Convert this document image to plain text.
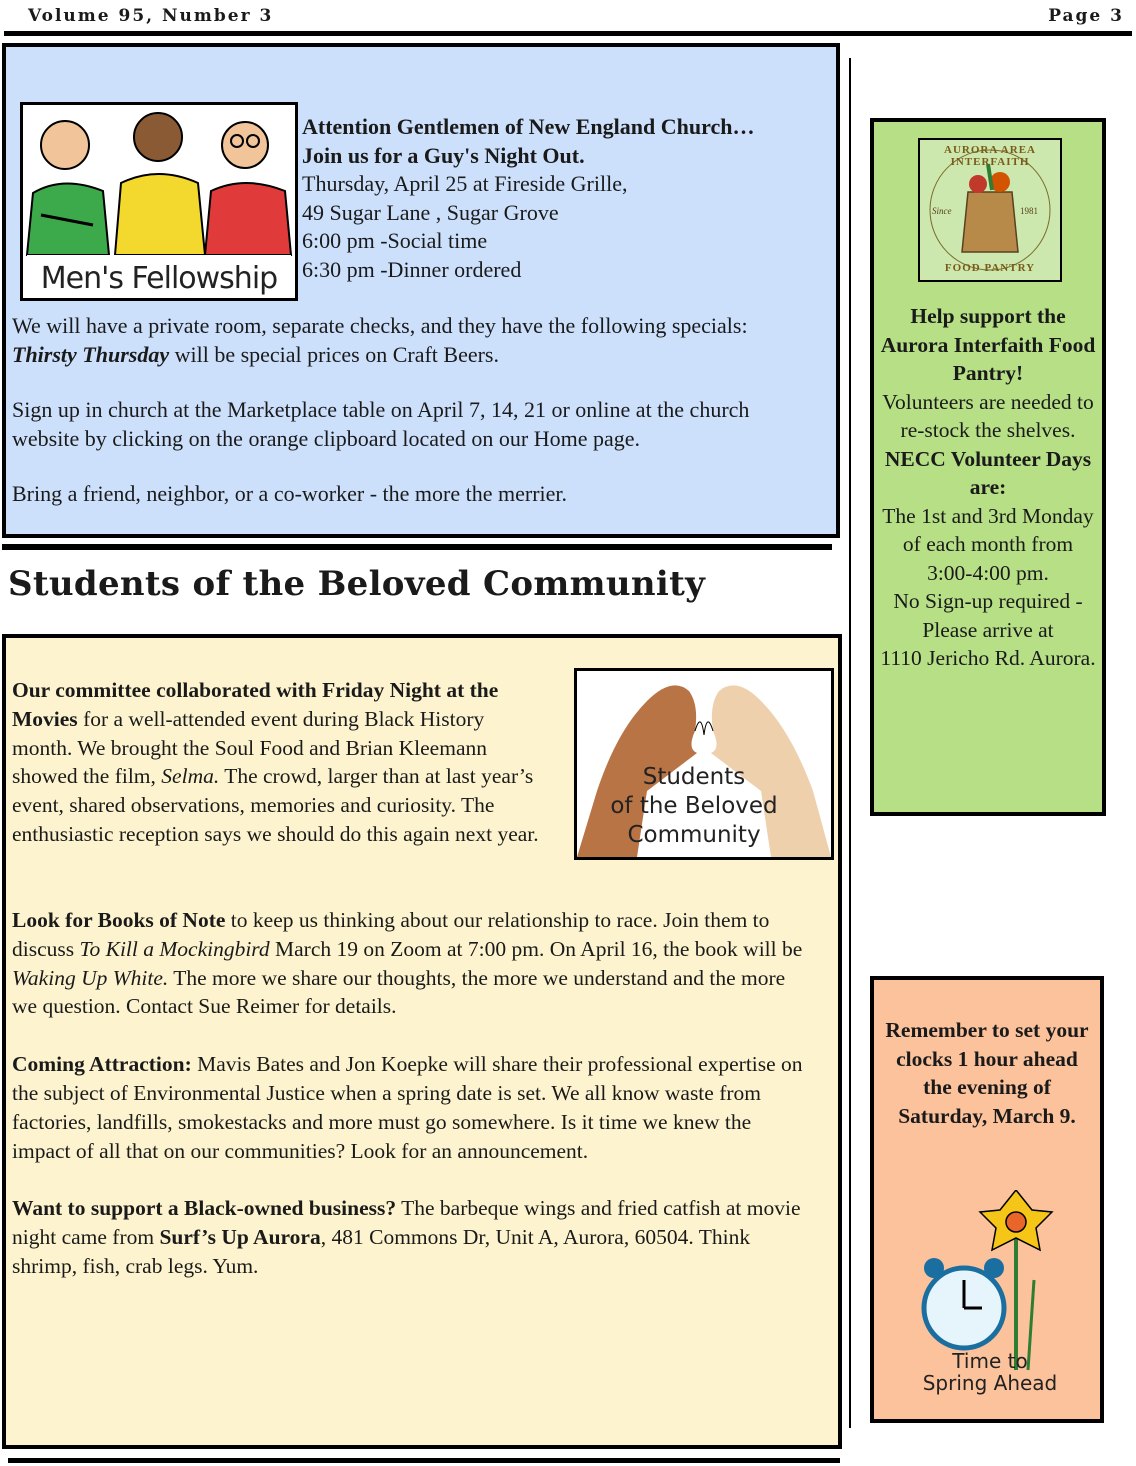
Volume 95, Number 3	Page 3
Men's Fellowship

Attention Gentlemen of New England Church…

Join us for a Guy's Night Out.

Thursday, April 25 at Fireside Grille,

49 Sugar Lane , Sugar Grove

6:00 pm -Social time

6:30 pm -Dinner ordered

We will have a private room, separate checks, and they have the following specials: Thirsty Thursday will be special prices on Craft Beers.

Sign up in church at the Marketplace table on April 7, 14, 21 or online at the church website by clicking on the orange clipboard located on our Home page.

Bring a friend, neighbor, or a co-worker - the more the merrier.

Students of the Beloved Community
Students
of the Beloved
Community

Our committee collaborated with Friday Night at the Movies for a well-attended event during Black History month. We brought the Soul Food and Brian Kleemann showed the film, Selma. The crowd, larger than at last year’s event, shared observations, memories and curiosity. The enthusiastic reception says we should do this again next year.

Look for Books of Note to keep us thinking about our relationship to race. Join them to discuss To Kill a Mockingbird March 19 on Zoom at 7:00 pm. On April 16, the book will be Waking Up White. The more we share our thoughts, the more we understand and the more we question. Contact Sue Reimer for details.

Coming Attraction: Mavis Bates and Jon Koepke will share their professional expertise on the subject of Environmental Justice when a spring date is set. We all know waste from factories, landfills, smokestacks and more must go somewhere. Is it time we knew the impact of all that on our communities? Look for an announcement.

Want to support a Black-owned business? The barbeque wings and fried catfish at movie night came from Surf’s Up Aurora, 481 Commons Dr, Unit A, Aurora, 60504. Think shrimp, fish, crab legs. Yum.

AURORA AREA INTERFAITH
Since	1981
FOOD PANTRY

Help support the Aurora Interfaith Food Pantry!

Volunteers are needed to re-stock the shelves.

NECC Volunteer Days are:

The 1st and 3rd Monday of each month from 3:00-4:00 pm.

No Sign-up required - Please arrive at

1110 Jericho Rd. Aurora.

Remember to set your clocks 1 hour ahead the evening of Saturday, March 9.
Time to
Spring Ahead
